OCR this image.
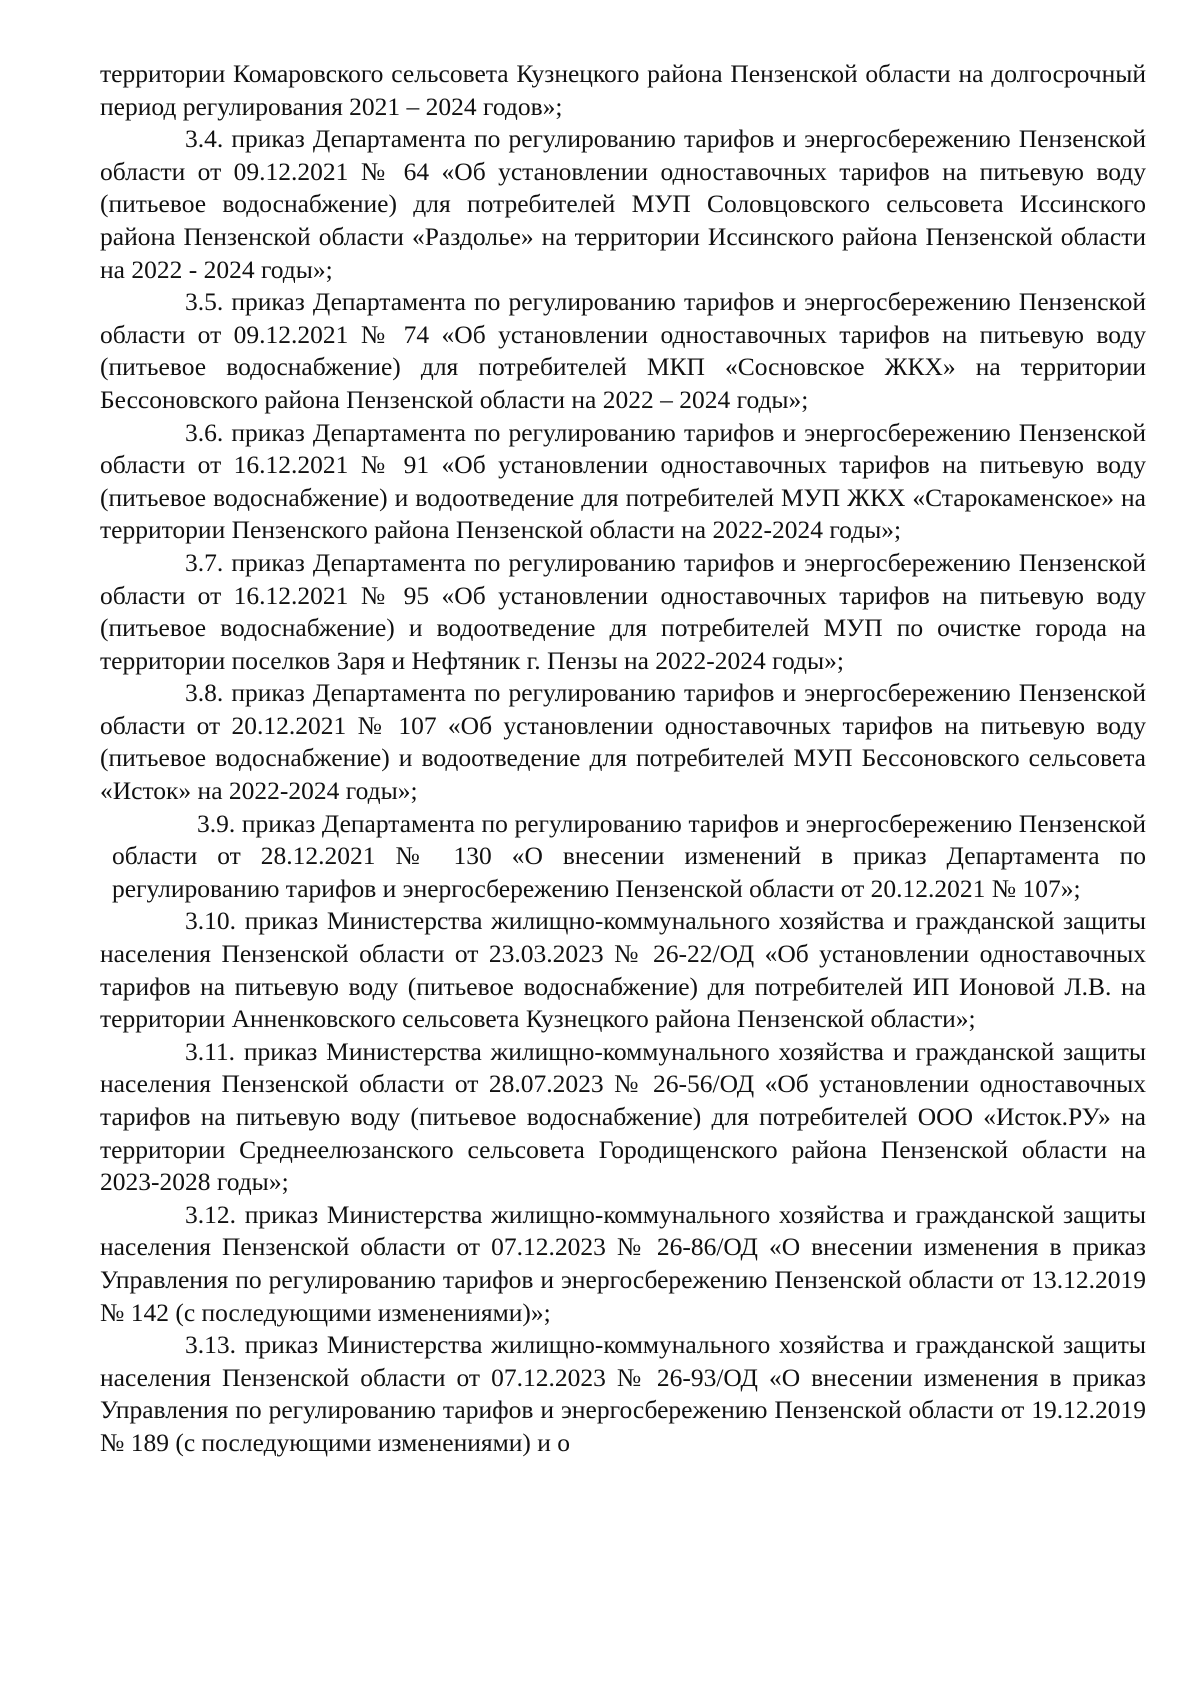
территории Комаровского сельсовета Кузнецкого района Пензенской области на долгосрочный период регулирования 2021 – 2024 годов»;

3.4. приказ Департамента по регулированию тарифов и энергосбережению Пензенской области от 09.12.2021 № 64 «Об установлении одноставочных тарифов на питьевую воду (питьевое водоснабжение) для потребителей МУП Соловцовского сельсовета Иссинского района Пензенской области «Раздолье» на территории Иссинского района Пензенской области на 2022 - 2024 годы»;

3.5. приказ Департамента по регулированию тарифов и энергосбережению Пензенской области от 09.12.2021 № 74 «Об установлении одноставочных тарифов на питьевую воду (питьевое водоснабжение) для потребителей МКП «Сосновское ЖКХ» на территории Бессоновского района Пензенской области на 2022 – 2024 годы»;

3.6. приказ Департамента по регулированию тарифов и энергосбережению Пензенской области от 16.12.2021 № 91 «Об установлении одноставочных тарифов на питьевую воду (питьевое водоснабжение) и водоотведение для потребителей МУП ЖКХ «Старокаменское» на территории Пензенского района Пензенской области на 2022-2024 годы»;

3.7. приказ Департамента по регулированию тарифов и энергосбережению Пензенской области от 16.12.2021 № 95 «Об установлении одноставочных тарифов на питьевую воду (питьевое водоснабжение) и водоотведение для потребителей МУП по очистке города на территории поселков Заря и Нефтяник г. Пензы на 2022-2024 годы»;

3.8. приказ Департамента по регулированию тарифов и энергосбережению Пензенской области от 20.12.2021 № 107 «Об установлении одноставочных тарифов на питьевую воду (питьевое водоснабжение) и водоотведение для потребителей МУП Бессоновского сельсовета «Исток» на 2022-2024 годы»;

3.9. приказ Департамента по регулированию тарифов и энергосбережению Пензенской области от 28.12.2021 № 130 «О внесении изменений в приказ Департамента по регулированию тарифов и энергосбережению Пензенской области от 20.12.2021 № 107»;

3.10. приказ Министерства жилищно-коммунального хозяйства и гражданской защиты населения Пензенской области от 23.03.2023 № 26-22/ОД «Об установлении одноставочных тарифов на питьевую воду (питьевое водоснабжение) для потребителей ИП Ионовой Л.В. на территории Анненковского сельсовета Кузнецкого района Пензенской области»;

3.11. приказ Министерства жилищно-коммунального хозяйства и гражданской защиты населения Пензенской области от 28.07.2023 № 26-56/ОД «Об установлении одноставочных тарифов на питьевую воду (питьевое водоснабжение) для потребителей ООО «Исток.РУ» на территории Среднеелюзанского сельсовета Городищенского района Пензенской области на 2023-2028 годы»;

3.12. приказ Министерства жилищно-коммунального хозяйства и гражданской защиты населения Пензенской области от 07.12.2023 № 26-86/ОД «О внесении изменения в приказ Управления по регулированию тарифов и энергосбережению Пензенской области от 13.12.2019 № 142 (с последующими изменениями)»;

3.13. приказ Министерства жилищно-коммунального хозяйства и гражданской защиты населения Пензенской области от 07.12.2023 № 26-93/ОД «О внесении изменения в приказ Управления по регулированию тарифов и энергосбережению Пензенской области от 19.12.2019 № 189 (с последующими изменениями) и о
